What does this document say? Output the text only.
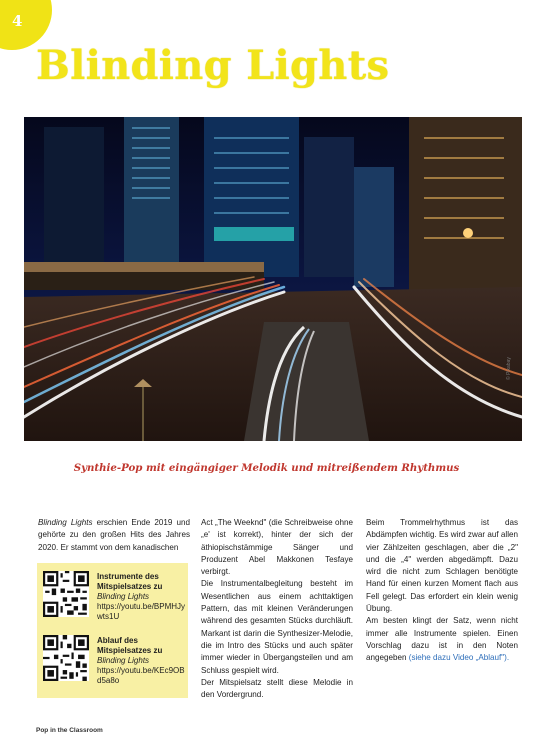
4
Blinding Lights
© Pixabay
Synthie-Pop mit eingängiger Melodik und mitreißendem Rhythmus

Blinding Lights erschien Ende 2019 und gehörte zu den großen Hits des Jahres 2020. Er stammt von dem kanadischen

Instrumente des Mitspielsatzes zu
Blinding Lights
https://youtu.be/BPMHJywts1U
Ablauf des Mitspielsatzes zu
Blinding Lights
https://youtu.be/KEc9OBd5a8o

Act „The Weeknd" (die Schreibweise ohne „e' ist korrekt), hinter der sich der äthiopischstämmige Sänger und Produzent Abel Makkonen Tesfaye verbirgt.

Die Instrumentalbegleitung besteht im Wesentlichen aus einem achttaktigen Pattern, das mit kleinen Veränderungen während des gesamten Stücks durchläuft. Markant ist darin die Synthesizer-Melodie, die im Intro des Stücks und auch später immer wieder in Übergangsteilen und am Schluss gespielt wird.

Der Mitspielsatz stellt diese Melodie in den Vordergrund.

Beim Trommelrhythmus ist das Abdämpfen wichtig. Es wird zwar auf allen vier Zählzeiten geschlagen, aber die „2" und die „4" werden abgedämpft. Dazu wird die nicht zum Schlagen benötigte Hand für einen kurzen Moment flach aus Fell gelegt. Das erfordert ein klein wenig Übung.

Am besten klingt der Satz, wenn nicht immer alle Instrumente spielen. Einen Vorschlag dazu ist in den Noten angegeben (siehe dazu Video „Ablauf").

Pop in the Classroom
